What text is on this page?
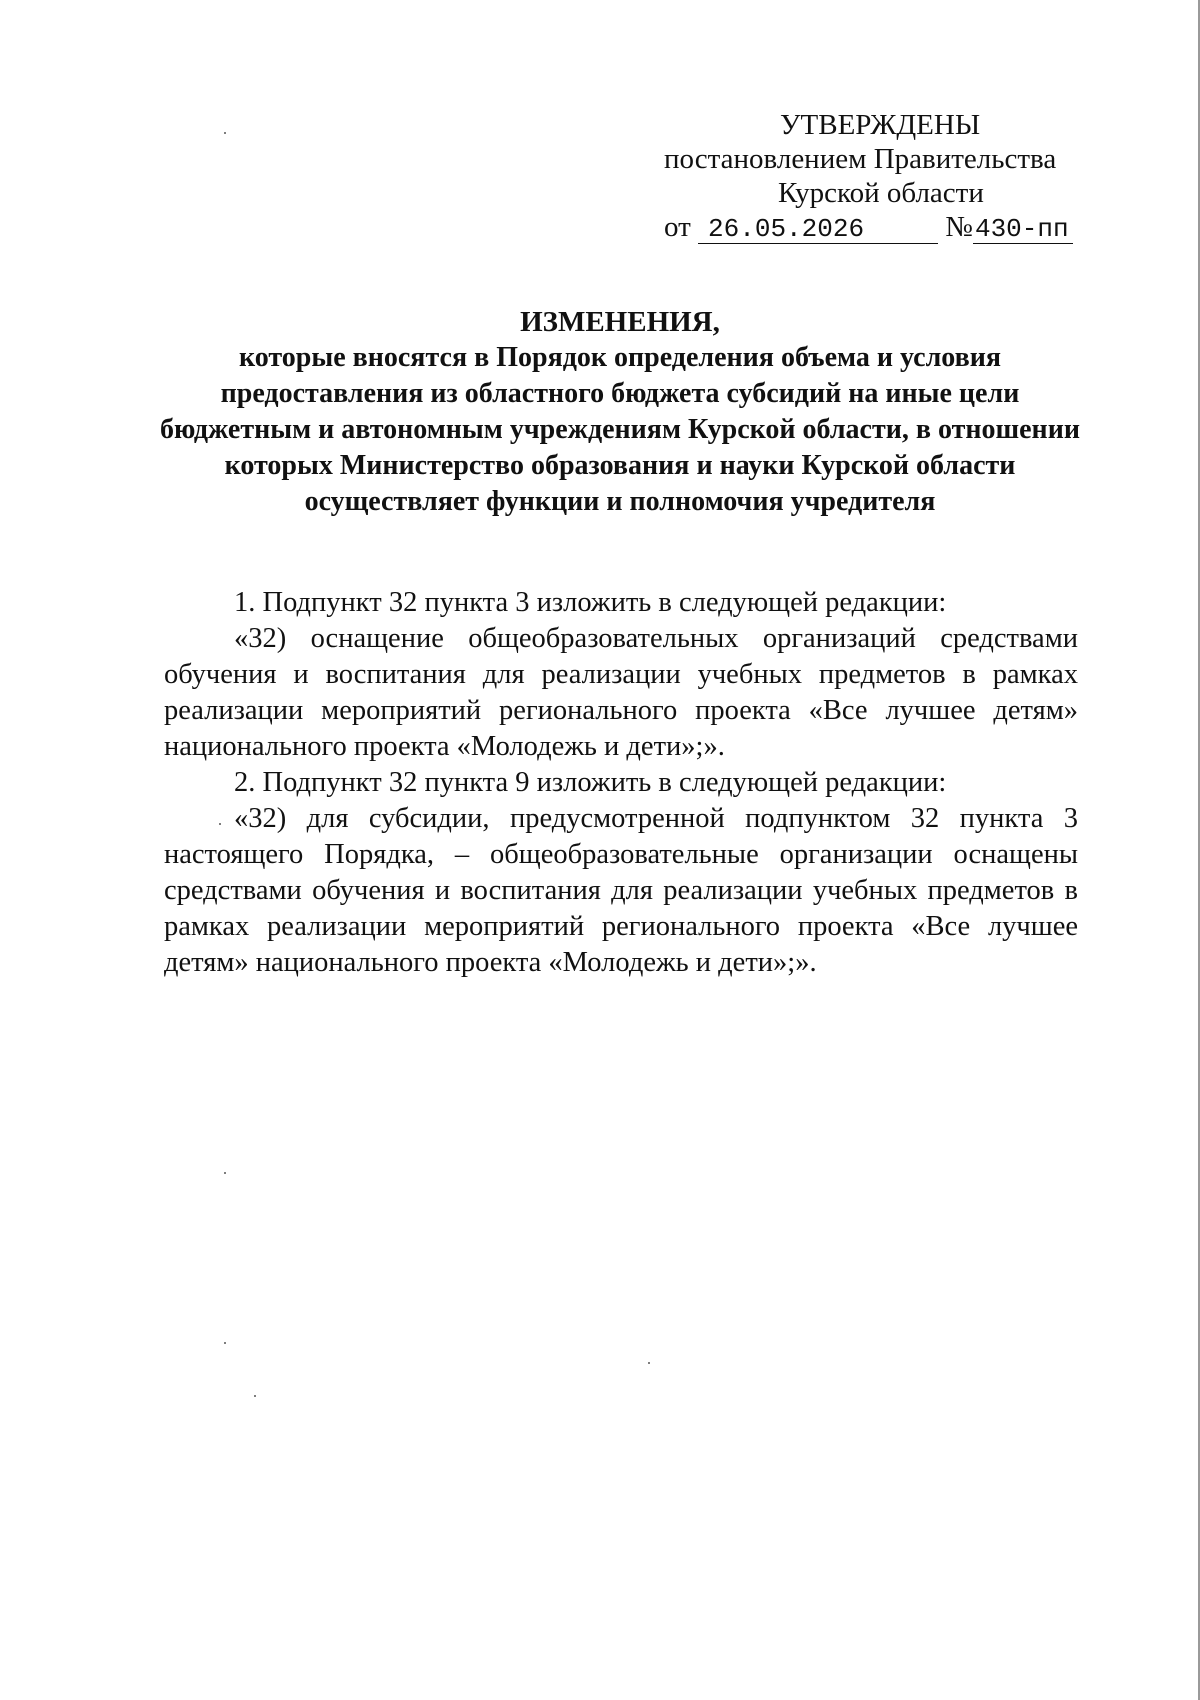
УТВЕРЖДЕНЫ
постановлением Правительства
Курской области
от 26.05.2026	№430-пп
ИЗМЕНЕНИЯ,
которые вносятся в Порядок определения объема и условия предоставления из областного бюджета субсидий на иные цели бюджетным и автономным учреждениям Курской области, в отношении которых Министерство образования и науки Курской области осуществляет функции и полномочия учредителя

1. Подпункт 32 пункта 3 изложить в следующей редакции:

«32) оснащение общеобразовательных организаций средствами обучения и воспитания для реализации учебных предметов в рамках реализации мероприятий регионального проекта «Все лучшее детям» национального проекта «Молодежь и дети»;».

2. Подпункт 32 пункта 9 изложить в следующей редакции:

«32) для субсидии, предусмотренной подпунктом 32 пункта 3 настоящего Порядка, – общеобразовательные организации оснащены средствами обучения и воспитания для реализации учебных предметов в рамках реализации мероприятий регионального проекта «Все лучшее детям» национального проекта «Молодежь и дети»;».
